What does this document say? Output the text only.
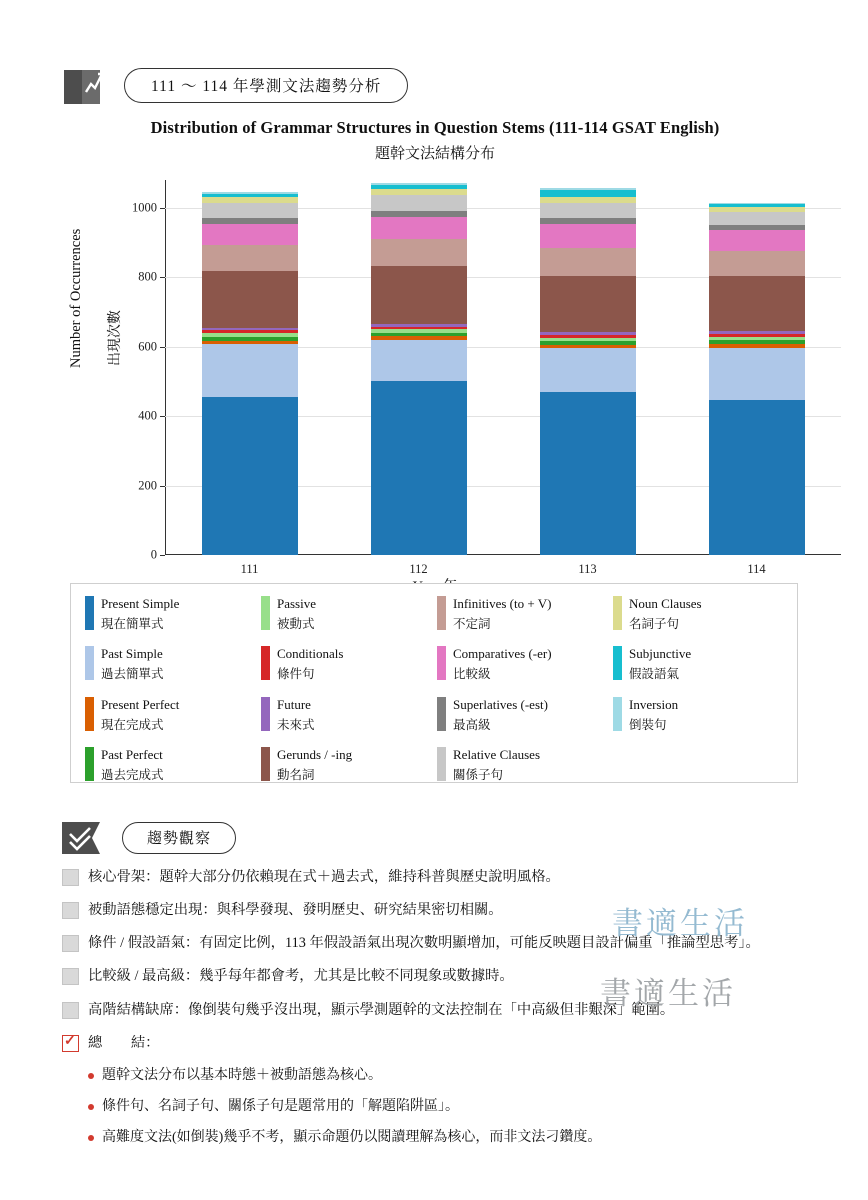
111 ～ 114 年學測文法趨勢分析
Distribution of Grammar Structures in Question Stems (111-114 GSAT English)
題幹文法結構分布
Number of Occurrences 出現次數
0
200
400
600
800
1000
111	112	113	114
Present Simple
現在簡單式
Passive
被動式
Infinitives (to + V)
不定詞
Noun Clauses
名詞子句
Past Simple
過去簡單式
Conditionals
條件句
Comparatives (-er)
比較級
Subjunctive
假設語氣
Present Perfect
現在完成式
Future
未來式
Superlatives (-est)
最高級
Inversion
倒裝句
Past Perfect
過去完成式
Gerunds / -ing
動名詞
Relative Clauses
關係子句
趨勢觀察
核心骨架：題幹大部分仍依賴現在式＋過去式，維持科普與歷史說明風格。
被動語態穩定出現：與科學發現、發明歷史、研究結果密切相關。
條件 / 假設語氣：有固定比例，113 年假設語氣出現次數明顯增加，可能反映題目設計偏重「推論型思考」。
比較級 / 最高級：幾乎每年都會考，尤其是比較不同現象或數據時。
高階結構缺席：像倒裝句幾乎沒出現，顯示學測題幹的文法控制在「中高級但非艱深」範圍。
✓
總　　結：
題幹文法分布以基本時態＋被動語態為核心。
條件句、名詞子句、關係子句是題常用的「解題陷阱區」。
高難度文法(如倒裝)幾乎不考，顯示命題仍以閱讀理解為核心，而非文法刁鑽度。
書適生活
書適生活
